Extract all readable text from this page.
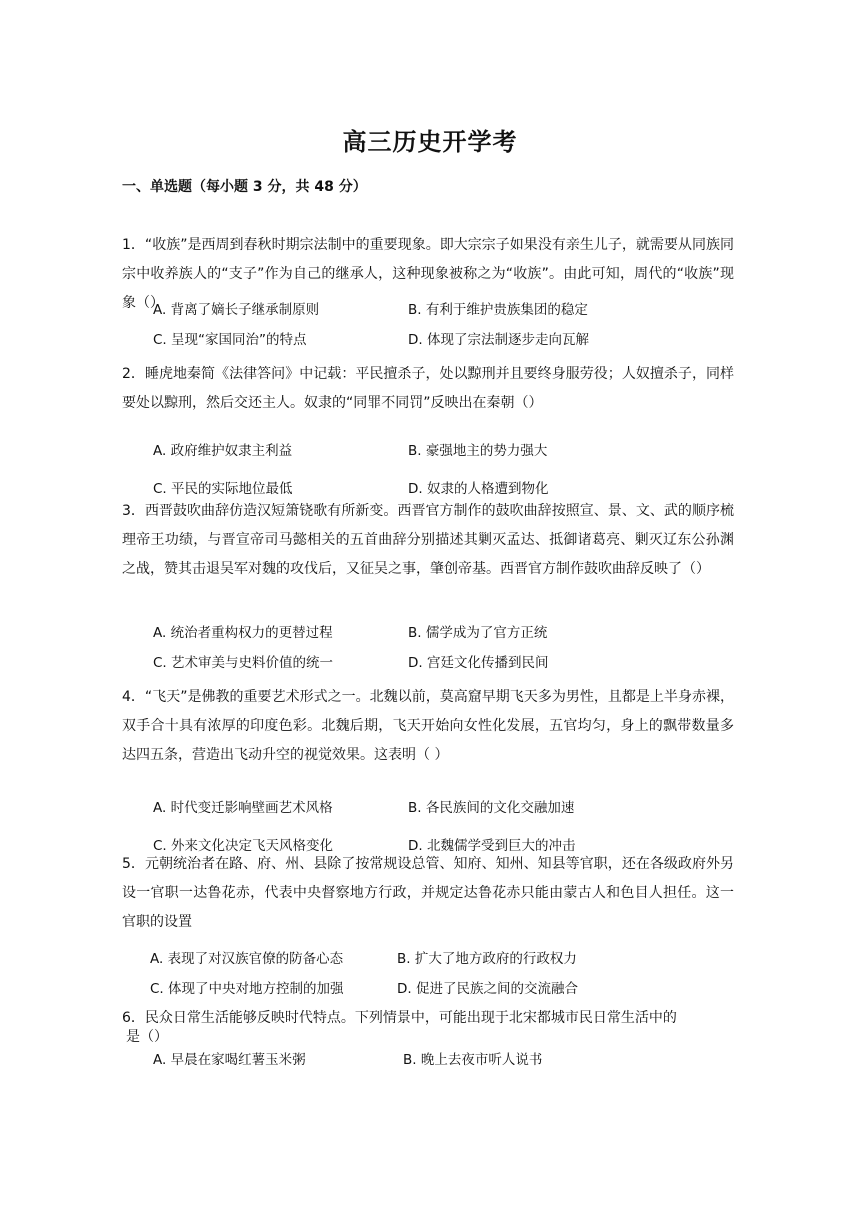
高三历史开学考
一、单选题（每小题 3 分，共 48 分）

1．“收族”是西周到春秋时期宗法制中的重要现象。即大宗宗子如果没有亲生儿子，就需要从同族同宗中收养族人的“支子”作为自己的继承人，这种现象被称之为“收族”。由此可知，周代的“收族”现象（）

A. 背离了嫡长子继承制原则	B. 有利于维护贵族集团的稳定
C. 呈现“家国同治”的特点	D. 体现了宗法制逐步走向瓦解

2．睡虎地秦简《法律答问》中记载：平民擅杀子，处以黥刑并且要终身服劳役；人奴擅杀子，同样要处以黥刑，然后交还主人。奴隶的“同罪不同罚”反映出在秦朝（）

A. 政府维护奴隶主利益	B. 豪强地主的势力强大
C. 平民的实际地位最低	D. 奴隶的人格遭到物化

3．西晋鼓吹曲辞仿造汉短箫铙歌有所新变。西晋官方制作的鼓吹曲辞按照宣、景、文、武的顺序梳理帝王功绩，与晋宣帝司马懿相关的五首曲辞分别描述其剿灭孟达、抵御诸葛亮、剿灭辽东公孙渊之战，赞其击退吴军对魏的攻伐后，又征吴之事，肇创帝基。西晋官方制作鼓吹曲辞反映了（）

A. 统治者重构权力的更替过程	B. 儒学成为了官方正统
C. 艺术审美与史料价值的统一	D. 宫廷文化传播到民间

4．“飞天”是佛教的重要艺术形式之一。北魏以前，莫高窟早期飞天多为男性，且都是上半身赤裸，双手合十具有浓厚的印度色彩。北魏后期，飞天开始向女性化发展，五官均匀，身上的飘带数量多达四五条，营造出飞动升空的视觉效果。这表明（ ）

A. 时代变迁影响壁画艺术风格	B. 各民族间的文化交融加速
C. 外来文化决定飞天风格变化	D. 北魏儒学受到巨大的冲击

5．元朝统治者在路、府、州、县除了按常规设总管、知府、知州、知县等官职，还在各级政府外另设一官职一达鲁花赤，代表中央督察地方行政，并规定达鲁花赤只能由蒙古人和色目人担任。这一官职的设置

A. 表现了对汉族官僚的防备心态	B. 扩大了地方政府的行政权力
C. 体现了中央对地方控制的加强	D. 促进了民族之间的交流融合
6．民众日常生活能够反映时代特点。下列情景中，可能出现于北宋都城市民日常生活中的
是（）
A. 早晨在家喝红薯玉米粥	B. 晚上去夜市听人说书
